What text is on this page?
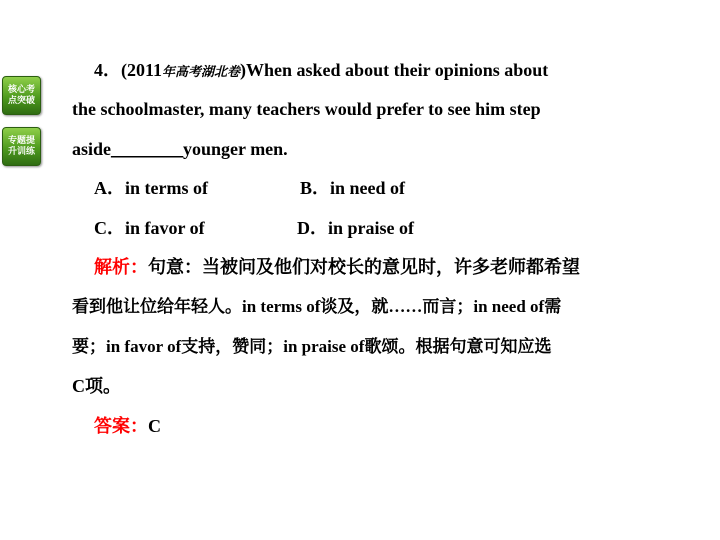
核心考点突破
专题提升训练
4．(2011年高考湖北卷)When asked about their opinions about
the schoolmaster, many teachers would prefer to see him step
aside________younger men.
A．in terms of	B．in need of
C．in favor of	D．in praise of
解析：句意：当被问及他们对校长的意见时，许多老师都希望
看到他让位给年轻人。in terms of谈及，就……而言；in need of需
要；in favor of支持，赞同；in praise of歌颂。根据句意可知应选
C项。
答案：C
